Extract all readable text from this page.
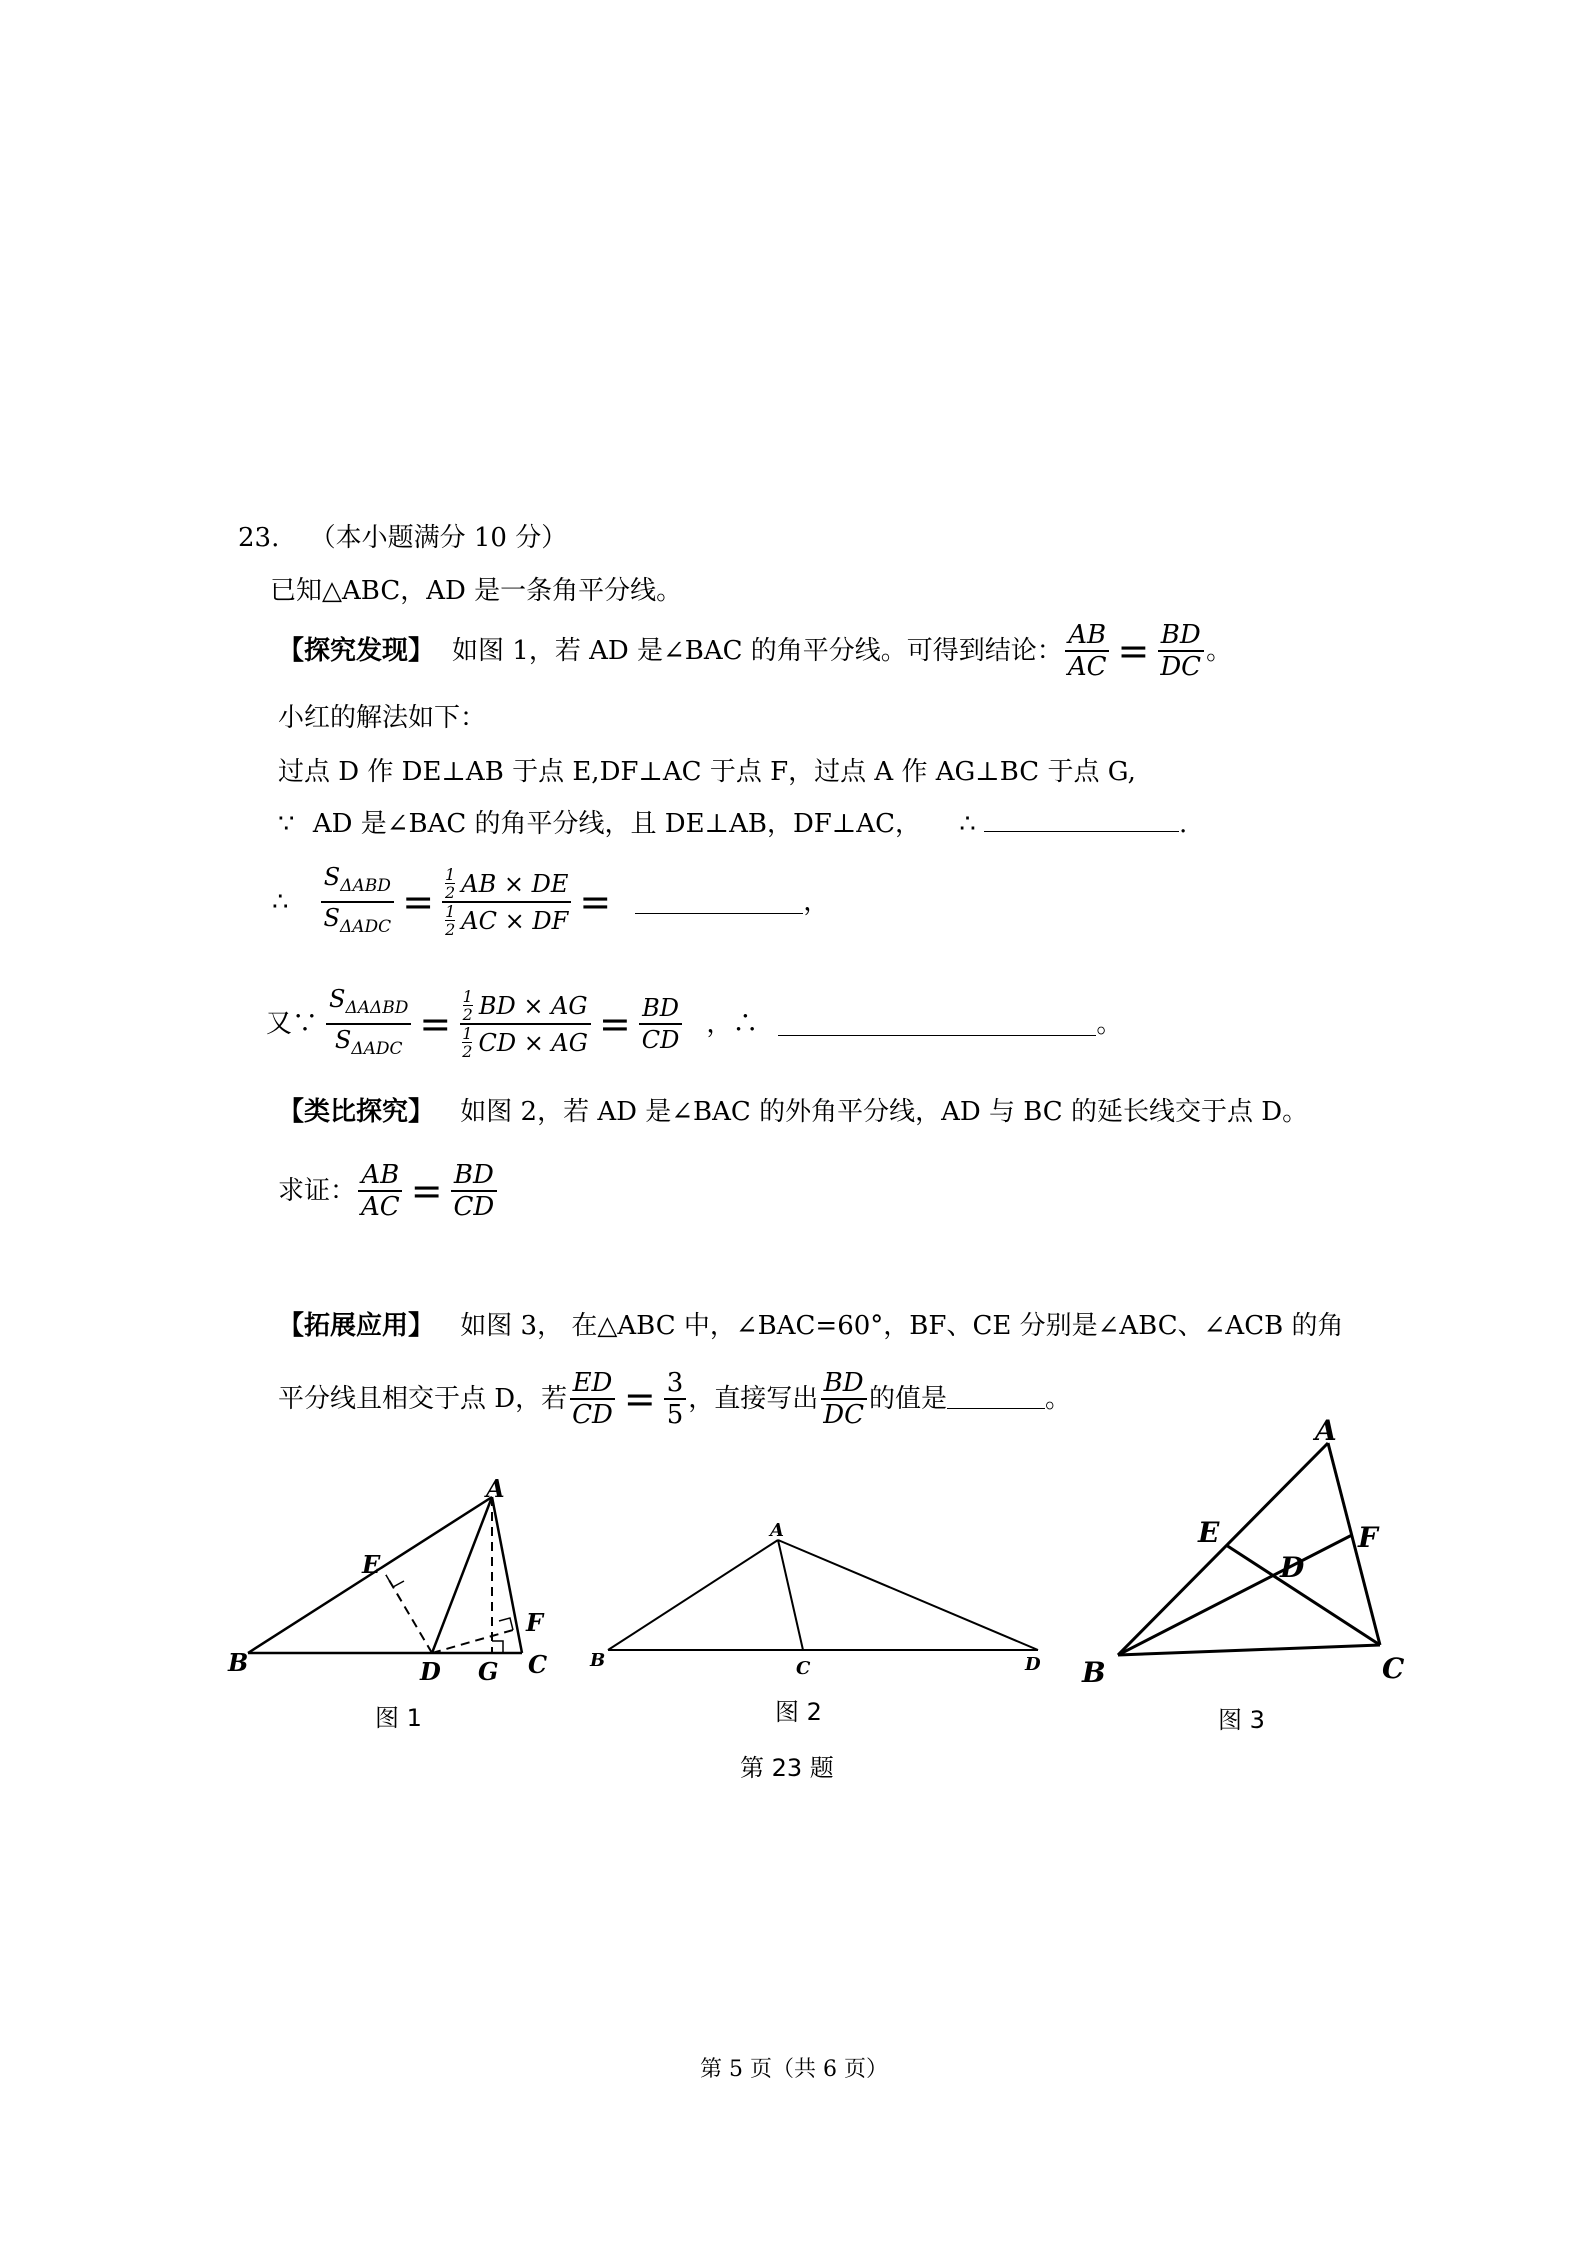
23. （本小题满分 10 分）
已知△ABC，AD 是一条角平分线。
【探究发现】 如图 1，若 AD 是∠BAC 的角平分线。可得到结论： $\frac{AB}{AC} = \frac{BD}{DC}$ 。
小红的解法如下：
过点 D 作 DE⊥AB 于点 E,DF⊥AC 于点 F，过点 A 作 AG⊥BC 于点 G,
∵ AD 是∠BAC 的角平分线，且 DE⊥AB，DF⊥AC， ∴	.
∴ $\frac{S_{\Delta ABD}}{S_{\Delta ADC}} = \frac{\frac{1}{2} AB \times DE}{\frac{1}{2} AC \times DF}$ =	，
又∵ $\frac{S_{\Delta A\Delta BD}}{S_{\Delta ADC}} = \frac{\frac{1}{2} BD \times AG}{\frac{1}{2} CD \times AG} = \frac{BD}{CD}$ ，∴	。
【类比探究】 如图 2，若 AD 是∠BAC 的外角平分线，AD 与 BC 的延长线交于点 D。
求证： $\frac{AB}{AC} = \frac{BD}{CD}$
【拓展应用】 如图 3， 在△ABC 中，∠BAC=60°，BF、CE 分别是∠ABC、∠ACB 的角
平分线且相交于点 D，若 $\frac{ED}{CD} = \frac{3}{5}$ ，直接写出 $\frac{BD}{DC}$ 的值是	。
B
A
E
D G C
F
图 1
A
B	C	D
图 2
A
E
D
F
B	C
图 3
第 23 题
第 5 页（共 6 页）
